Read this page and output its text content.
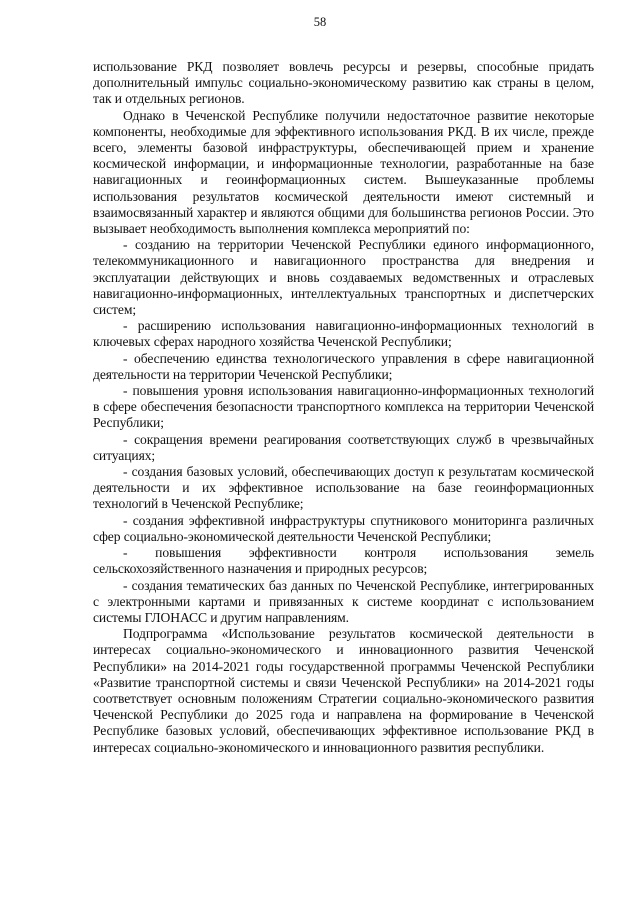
58

использование РКД позволяет вовлечь ресурсы и резервы, способные придать дополнительный импульс социально-экономическому развитию как страны в целом, так и отдельных регионов.

Однако в Чеченской Республике получили недостаточное развитие некоторые компоненты, необходимые для эффективного использования РКД. В их числе, прежде всего, элементы базовой инфраструктуры, обеспечивающей прием и хранение космической информации, и информационные технологии, разработанные на базе навигационных и геоинформационных систем. Вышеуказанные проблемы использования результатов космической деятельности имеют системный и взаимосвязанный характер и являются общими для большинства регионов России. Это вызывает необходимость выполнения комплекса мероприятий по:

- созданию на территории Чеченской Республики единого информационного, телекоммуникационного и навигационного пространства для внедрения и эксплуатации действующих и вновь создаваемых ведомственных и отраслевых навигационно-информационных, интеллектуальных транспортных и диспетчерских систем;

- расширению использования навигационно-информационных технологий в ключевых сферах народного хозяйства Чеченской Республики;

- обеспечению единства технологического управления в сфере навигационной деятельности на территории Чеченской Республики;

- повышения уровня использования навигационно-информационных технологий в сфере обеспечения безопасности транспортного комплекса на территории Чеченской Республики;

- сокращения времени реагирования соответствующих служб в чрезвычайных ситуациях;

- создания базовых условий, обеспечивающих доступ к результатам космической деятельности и их эффективное использование на базе геоинформационных технологий в Чеченской Республике;

- создания эффективной инфраструктуры спутникового мониторинга различных сфер социально-экономической деятельности Чеченской Республики;

- повышения эффективности контроля использования земель сельскохозяйственного назначения и природных ресурсов;

- создания тематических баз данных по Чеченской Республике, интегрированных с электронными картами и привязанных к системе координат с использованием системы ГЛОНАСС и другим направлениям.

Подпрограмма «Использование результатов космической деятельности в интересах социально-экономического и инновационного развития Чеченской Республики» на 2014-2021 годы государственной программы Чеченской Республики «Развитие транспортной системы и связи Чеченской Республики» на 2014-2021 годы соответствует основным положениям Стратегии социально-экономического развития Чеченской Республики до 2025 года и направлена на формирование в Чеченской Республике базовых условий, обеспечивающих эффективное использование РКД в интересах социально-экономического и инновационного развития республики.
